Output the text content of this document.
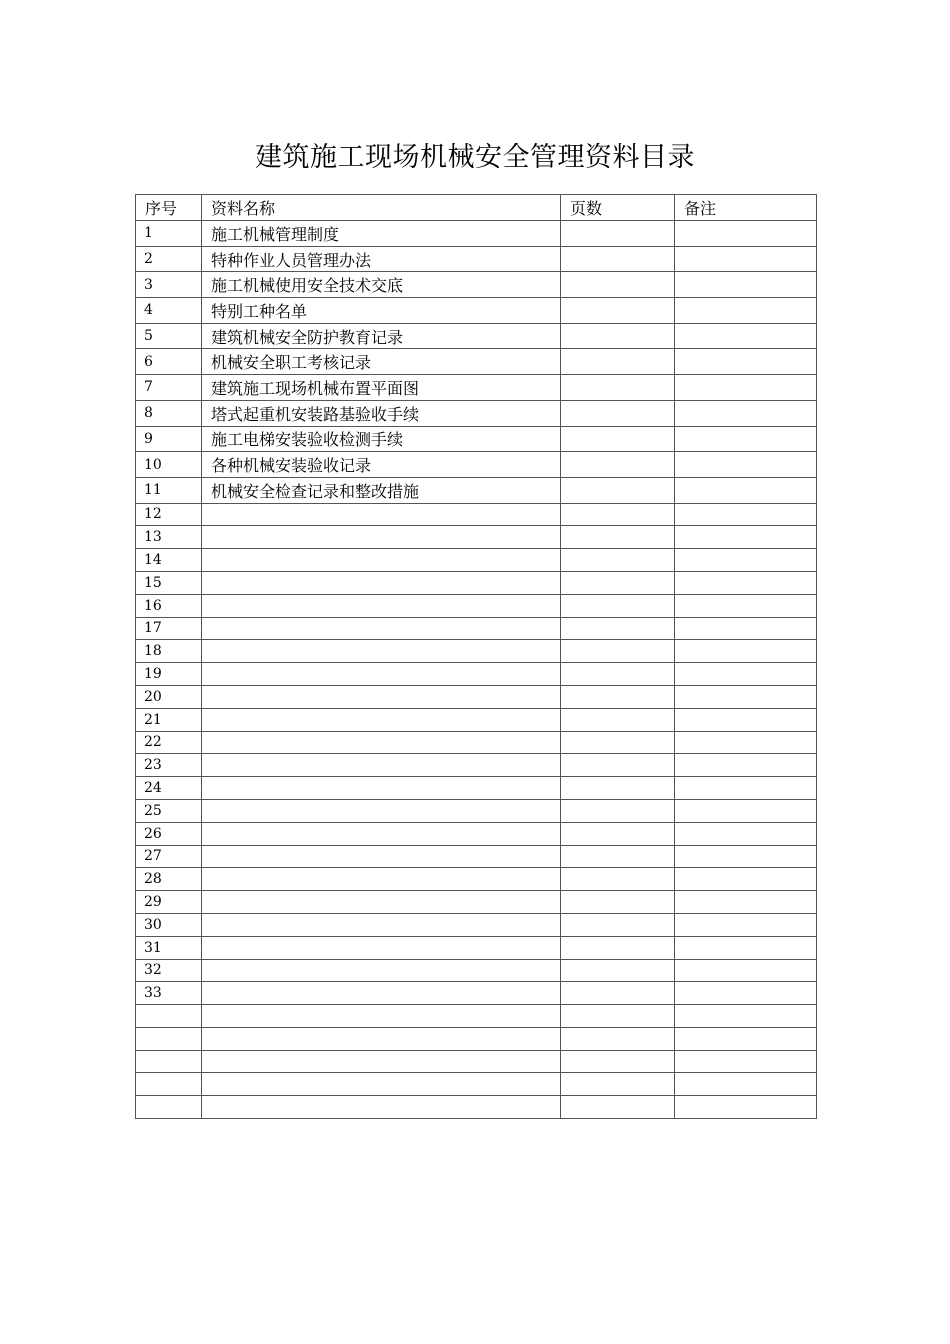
建筑施工现场机械安全管理资料目录
序号	资料名称	页数	备注
1	施工机械管理制度		
2	特种作业人员管理办法		
3	施工机械使用安全技术交底		
4	特别工种名单		
5	建筑机械安全防护教育记录		
6	机械安全职工考核记录		
7	建筑施工现场机械布置平面图		
8	塔式起重机安装路基验收手续		
9	施工电梯安装验收检测手续		
10	各种机械安装验收记录		
11	机械安全检查记录和整改措施		
12			
13			
14			
15			
16			
17			
18			
19			
20			
21			
22			
23			
24			
25			
26			
27			
28			
29			
30			
31			
32			
33			
